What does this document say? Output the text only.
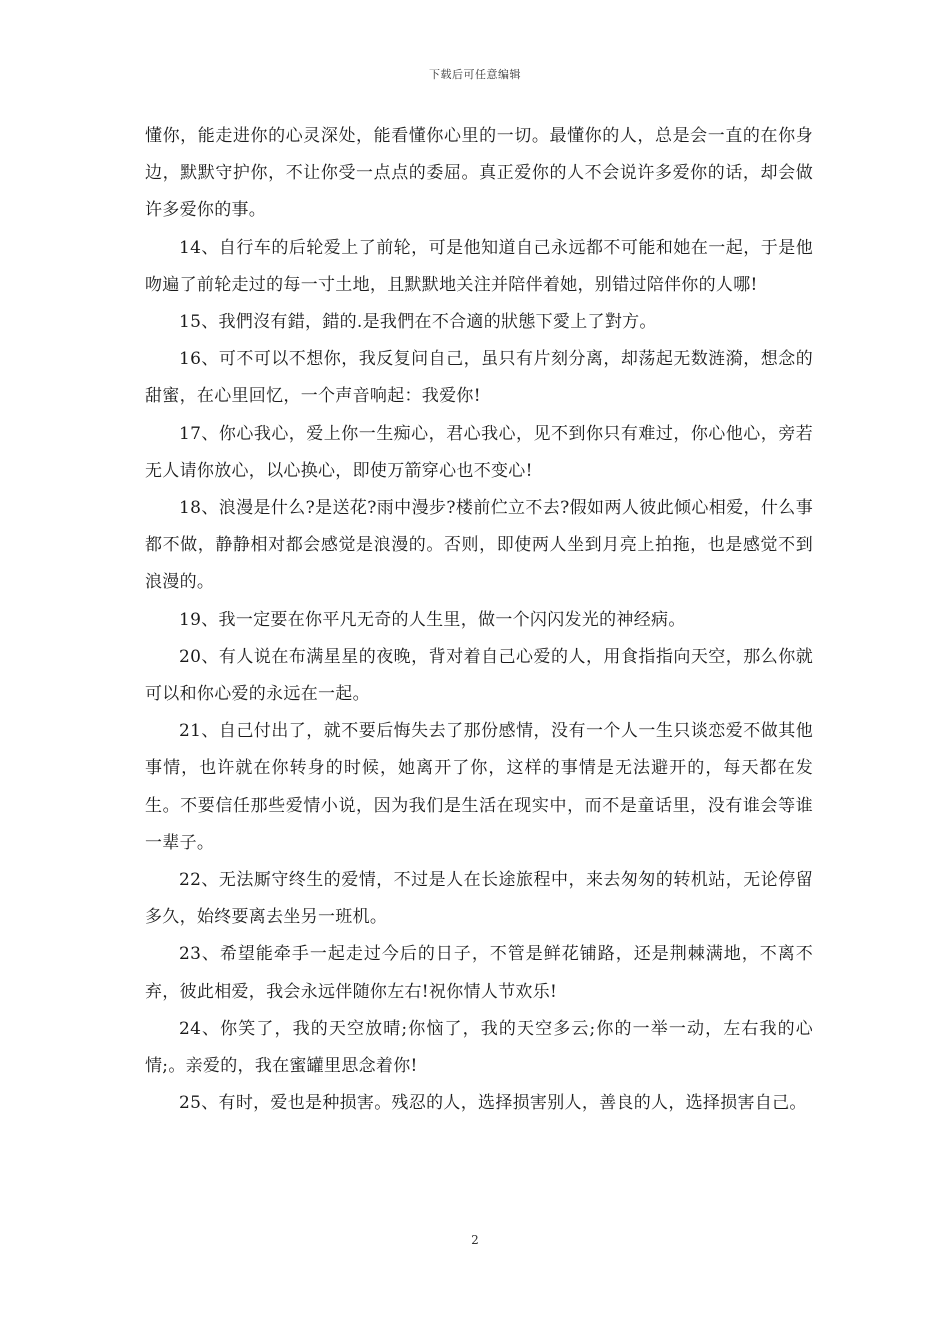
下载后可任意编辑

懂你，能走进你的心灵深处，能看懂你心里的一切。最懂你的人，总是会一直的在你身边，默默守护你，不让你受一点点的委屈。真正爱你的人不会说许多爱你的话，却会做许多爱你的事。

14、自行车的后轮爱上了前轮，可是他知道自己永远都不可能和她在一起，于是他吻遍了前轮走过的每一寸土地，且默默地关注并陪伴着她，别错过陪伴你的人哪!

15、我們沒有錯，錯的.是我們在不合適的狀態下愛上了對方。

16、可不可以不想你，我反复问自己，虽只有片刻分离，却荡起无数涟漪，想念的甜蜜，在心里回忆，一个声音响起：我爱你!

17、你心我心，爱上你一生痴心，君心我心，见不到你只有难过，你心他心，旁若无人请你放心，以心换心，即使万箭穿心也不变心!

18、浪漫是什么?是送花?雨中漫步?楼前伫立不去?假如两人彼此倾心相爱，什么事都不做，静静相对都会感觉是浪漫的。否则，即使两人坐到月亮上拍拖，也是感觉不到浪漫的。

19、我一定要在你平凡无奇的人生里，做一个闪闪发光的神经病。

20、有人说在布满星星的夜晚，背对着自己心爱的人，用食指指向天空，那么你就可以和你心爱的永远在一起。

21、自己付出了，就不要后悔失去了那份感情，没有一个人一生只谈恋爱不做其他事情，也许就在你转身的时候，她离开了你，这样的事情是无法避开的，每天都在发生。不要信任那些爱情小说，因为我们是生活在现实中，而不是童话里，没有谁会等谁一辈子。

22、无法厮守终生的爱情，不过是人在长途旅程中，来去匆匆的转机站，无论停留多久，始终要离去坐另一班机。

23、希望能牵手一起走过今后的日子，不管是鲜花铺路，还是荆棘满地，不离不弃，彼此相爱，我会永远伴随你左右!祝你情人节欢乐!

24、你笑了，我的天空放晴;你恼了，我的天空多云;你的一举一动，左右我的心情;。亲爱的，我在蜜罐里思念着你!

25、有时，爱也是种损害。残忍的人，选择损害别人，善良的人，选择损害自己。

2
